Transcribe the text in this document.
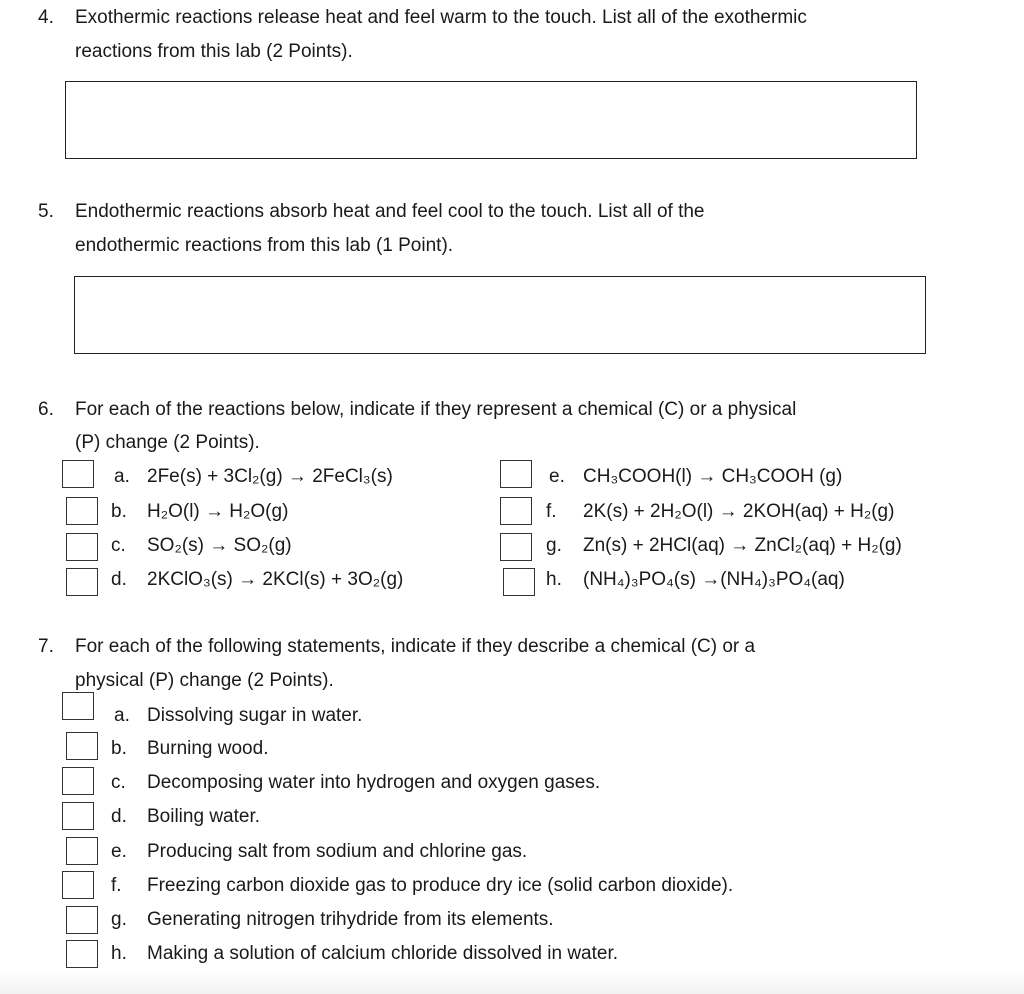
4. Exothermic reactions release heat and feel warm to the touch. List all of the exothermic
reactions from this lab (2 Points).
5. Endothermic reactions absorb heat and feel cool to the touch. List all of the
endothermic reactions from this lab (1 Point).
6. For each of the reactions below, indicate if they represent a chemical (C) or a physical
(P) change (2 Points).
a. 2Fe(s) + 3Cl₂(g) → 2FeCl₃(s)
b. H₂O(l) → H₂O(g)
c. SO₂(s) → SO₂(g)
d. 2KClO₃(s) → 2KCl(s) + 3O₂(g)
e. CH₃COOH(l) → CH₃COOH (g)
f. 2K(s) + 2H₂O(l) → 2KOH(aq) + H₂(g)
g. Zn(s) + 2HCl(aq) → ZnCl₂(aq) + H₂(g)
h. (NH₄)₃PO₄(s) →(NH₄)₃PO₄(aq)
7. For each of the following statements, indicate if they describe a chemical (C) or a
physical (P) change (2 Points).
a. Dissolving sugar in water.
b. Burning wood.
c. Decomposing water into hydrogen and oxygen gases.
d. Boiling water.
e. Producing salt from sodium and chlorine gas.
f. Freezing carbon dioxide gas to produce dry ice (solid carbon dioxide).
g. Generating nitrogen trihydride from its elements.
h. Making a solution of calcium chloride dissolved in water.
